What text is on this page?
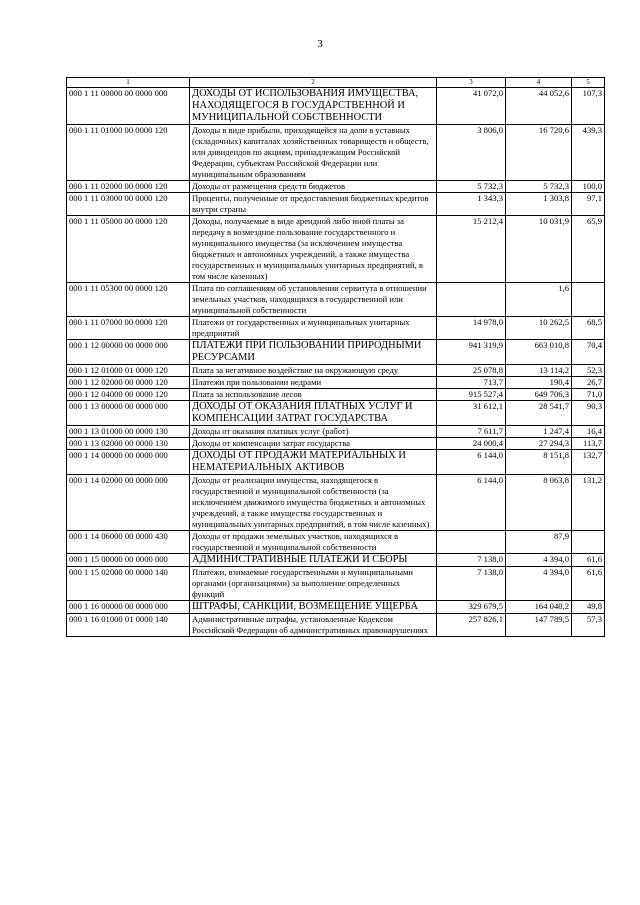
3
1	2	3	4	5
000 1 11 00000 00 0000 000	ДОХОДЫ ОТ ИСПОЛЬЗОВАНИЯ ИМУЩЕСТВА, НАХОДЯЩЕГОСЯ В ГОСУДАРСТВЕННОЙ И МУНИЦИПАЛЬНОЙ СОБСТВЕННОСТИ	41 072,0	44 052,6	107,3
000 1 11 01000 00 0000 120	Доходы в виде прибыли, приходящейся на доли в уставных (складочных) капиталах хозяйственных товариществ и обществ, или дивидендов по акциям, принадлежащим Российской Федерации, субъектам Российской Федерации или муниципальным образованиям	3 806,0	16 720,6	439,3
000 1 11 02000 00 0000 120	Доходы от размещения средств бюджетов	5 732,3	5 732,3	100,0
000 1 11 03000 00 0000 120	Проценты, полученные от предоставления бюджетных кредитов внутри страны	1 343,3	1 303,8	97,1
000 1 11 05000 00 0000 120	Доходы, получаемые в виде арендной либо иной платы за передачу в возмездное пользование государственного и муниципального имущества (за исключением имущества бюджетных и автономных учреждений, а также имущества государственных и муниципальных унитарных предприятий, в том числе казенных)	15 212,4	10 031,9	65,9
000 1 11 05300 00 0000 120	Плата по соглашениям об установлении сервитута в отношении земельных участков, находящихся в государственной или муниципальной собственности		1,6	
000 1 11 07000 00 0000 120	Платежи от государственных и муниципальных унитарных предприятий	14 978,0	10 262,5	68,5
000 1 12 00000 00 0000 000	ПЛАТЕЖИ ПРИ ПОЛЬЗОВАНИИ ПРИРОДНЫМИ РЕСУРСАМИ	941 319,9	663 010,8	70,4
000 1 12 01000 01 0000 120	Плата за негативное воздействие на окружающую среду	25 078,8	13 114,2	52,3
000 1 12 02000 00 0000 120	Платежи при пользовании недрами	713,7	190,4	26,7
000 1 12 04000 00 0000 120	Плата за использование лесов	915 527,4	649 706,3	71,0
000 1 13 00000 00 0000 000	ДОХОДЫ ОТ ОКАЗАНИЯ ПЛАТНЫХ УСЛУГ И КОМПЕНСАЦИИ ЗАТРАТ ГОСУДАРСТВА	31 612,1	28 541,7	90,3
000 1 13 01000 00 0000 130	Доходы от оказания платных услуг (работ)	7 611,7	1 247,4	16,4
000 1 13 02000 00 0000 130	Доходы от компенсации затрат государства	24 000,4	27 294,3	113,7
000 1 14 00000 00 0000 000	ДОХОДЫ ОТ ПРОДАЖИ МАТЕРИАЛЬНЫХ И НЕМАТЕРИАЛЬНЫХ АКТИВОВ	6 144,0	8 151,8	132,7
000 1 14 02000 00 0000 000	Доходы от реализации имущества, находящегося в государственной и муниципальной собственности (за исключением движимого имущества бюджетных и автономных учреждений, а также имущества государственных и муниципальных унитарных предприятий, в том числе казенных)	6 144,0	8 063,8	131,2
000 1 14 06000 00 0000 430	Доходы от продажи земельных участков, находящихся в государственной и муниципальной собственности		87,9	
000 1 15 00000 00 0000 000	АДМИНИСТРАТИВНЫЕ ПЛАТЕЖИ И СБОРЫ	7 138,0	4 394,0	61,6
000 1 15 02000 00 0000 140	Платежи, взимаемые государственными и муниципальными органами (организациями) за выполнение определенных функций	7 138,0	4 394,0	61,6
000 1 16 00000 00 0000 000	ШТРАФЫ, САНКЦИИ, ВОЗМЕЩЕНИЕ УЩЕРБА	329 679,5	164 040,2	49,8
000 1 16 01000 01 0000 140	Административные штрафы, установленные Кодексом Российской Федерации об административных правонарушениях	257 826,1	147 789,5	57,3
